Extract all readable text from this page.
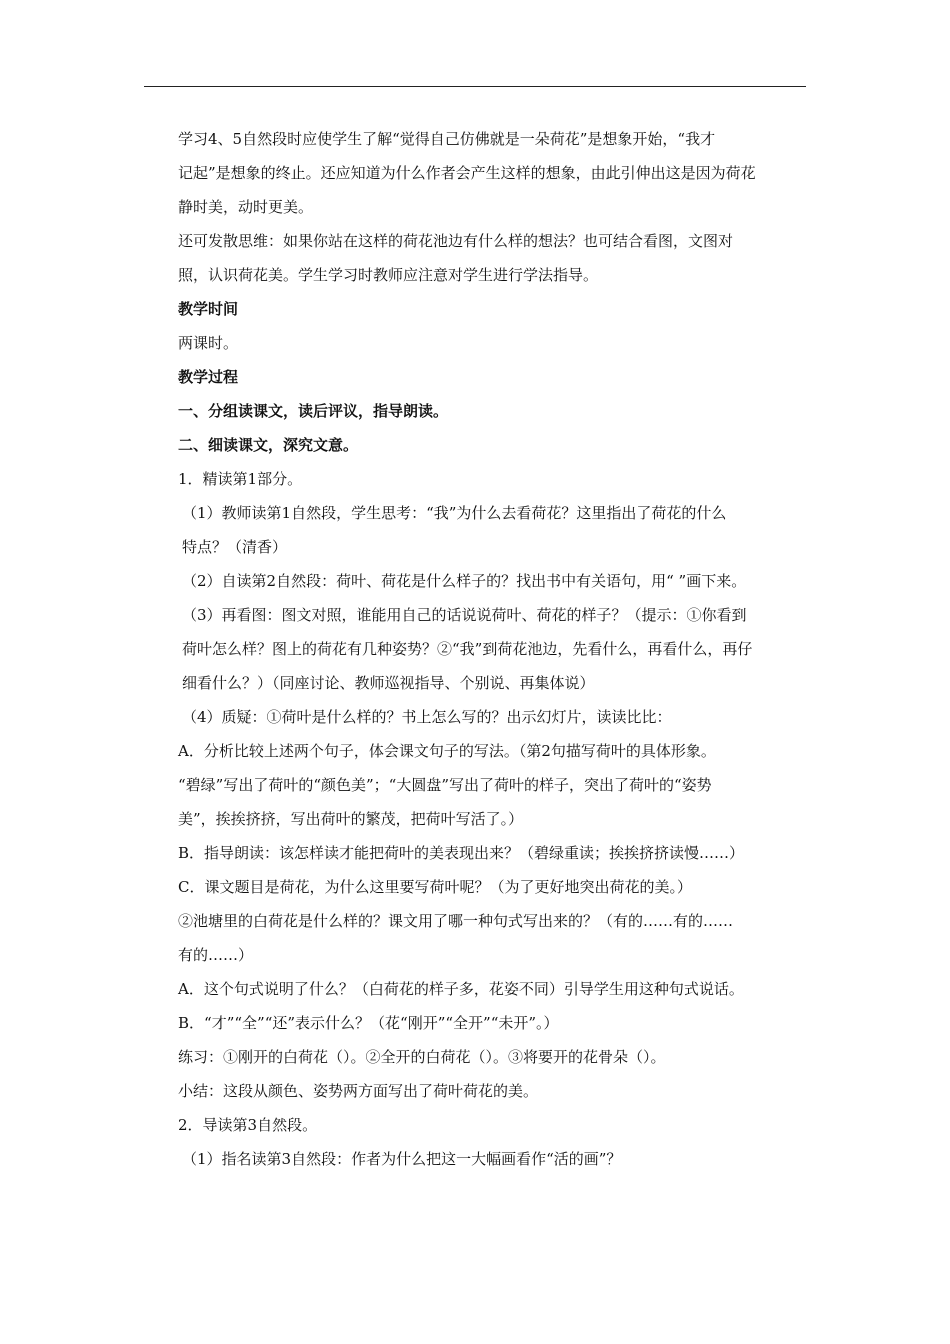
学习4、5自然段时应使学生了解“觉得自己仿佛就是一朵荷花”是想象开始，“我才
记起”是想象的终止。还应知道为什么作者会产生这样的想象，由此引伸出这是因为荷花
静时美，动时更美。

还可发散思维：如果你站在这样的荷花池边有什么样的想法？也可结合看图，文图对
照，认识荷花美。学生学习时教师应注意对学生进行学法指导。

教学时间

两课时。

教学过程

一、分组读课文，读后评议，指导朗读。

二、细读课文，深究文意。

1．精读第1部分。

（1）教师读第1自然段，学生思考：“我”为什么去看荷花？这里指出了荷花的什么
特点？（清香）

（2）自读第2自然段：荷叶、荷花是什么样子的？找出书中有关语句，用“ ”画下来。

（3）再看图：图文对照，谁能用自己的话说说荷叶、荷花的样子？（提示：①你看到
荷叶怎么样？图上的荷花有几种姿势？②“我”到荷花池边，先看什么，再看什么，再仔
细看什么？）（同座讨论、教师巡视指导、个别说、再集体说）

（4）质疑：①荷叶是什么样的？书上怎么写的？出示幻灯片，读读比比：

A．分析比较上述两个句子，体会课文句子的写法。（第2句描写荷叶的具体形象。
“碧绿”写出了荷叶的“颜色美”；“大圆盘”写出了荷叶的样子，突出了荷叶的“姿势
美”，挨挨挤挤，写出荷叶的繁茂，把荷叶写活了。）

B．指导朗读：该怎样读才能把荷叶的美表现出来？（碧绿重读；挨挨挤挤读慢……）

C．课文题目是荷花，为什么这里要写荷叶呢？（为了更好地突出荷花的美。）

②池塘里的白荷花是什么样的？课文用了哪一种句式写出来的？（有的……有的……
有的……）

A．这个句式说明了什么？（白荷花的样子多，花姿不同）引导学生用这种句式说话。

B．“才”“全”“还”表示什么？（花“刚开”“全开”“未开”。）

练习：①刚开的白荷花（）。②全开的白荷花（）。③将要开的花骨朵（）。

小结：这段从颜色、姿势两方面写出了荷叶荷花的美。

2．导读第3自然段。

（1）指名读第3自然段：作者为什么把这一大幅画看作“活的画”？
